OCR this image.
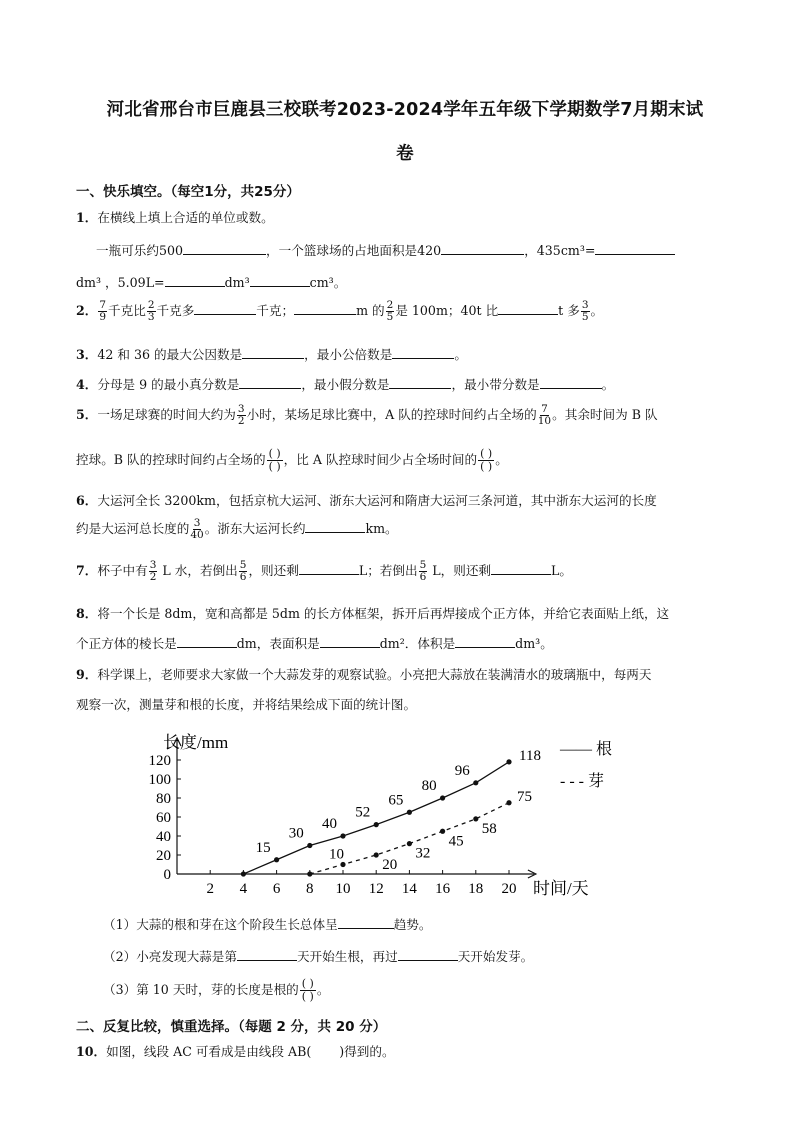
河北省邢台市巨鹿县三校联考2023-2024学年五年级下学期数学7月期末试
卷
一、快乐填空。（每空1分，共25分）
1．在横线上填上合适的单位或数。
一瓶可乐约500	，一个篮球场的占地面积是420	，435cm³=
dm³ ，5.09L=	dm³	cm³。
2． $\frac{7}{9}$ 千克比 $\frac{2}{3}$ 千克多	千克；	m 的 $\frac{2}{5}$ 是 100m；40t 比	t 多 $\frac{3}{5}$ 。
3．42 和 36 的最大公因数是	，最小公倍数是	。
4．分母是 9 的最小真分数是	，最小假分数是	，最小带分数是	。
5．一场足球赛的时间大约为 $\frac{3}{2}$ 小时，某场足球比赛中，A 队的控球时间约占全场的 $\frac{7}{10}$ 。其余时间为 B 队
控球。B 队的控球时间约占全场的 ( )
( ) ，比 A 队控球时间少占全场时间的 ( )
( ) 。
6．大运河全长 3200km，包括京杭大运河、浙东大运河和隋唐大运河三条河道，其中浙东大运河的长度
约是大运河总长度的 $\frac{3}{40}$ 。浙东大运河长约	km。
7．杯子中有 $\frac{3}{2}$ L 水，若倒出 $\frac{5}{6}$ ，则还剩	L；若倒出 $\frac{5}{6}$ L，则还剩	L。
8．将一个长是 8dm，宽和高都是 5dm 的长方体框架，拆开后再焊接成个正方体，并给它表面贴上纸，这
个正方体的棱长是	dm，表面积是	dm²．体积是	dm³。
9．科学课上，老师要求大家做一个大蒜发芽的观察试验。小亮把大蒜放在装满清水的玻璃瓶中，每两天
观察一次，测量芽和根的长度，并将结果绘成下面的统计图。
0
20
40
60
80
100
120
2 4 6 8 10 12 14 16 18 20
长度/mm
时间/天
—— 根
- - - 芽
15
30
40
52
65
80
96
118
10
20
32
45
58
75
（1）大蒜的根和芽在这个阶段生长总体呈	趋势。
（2）小亮发现大蒜是第	天开始生根，再过	天开始发芽。
（3）第 10 天时，芽的长度是根的 ( )
( ) 。
二、反复比较，慎重选择。（每题 2 分，共 20 分）
10．如图，线段 AC 可看成是由线段 AB( )得到的。
